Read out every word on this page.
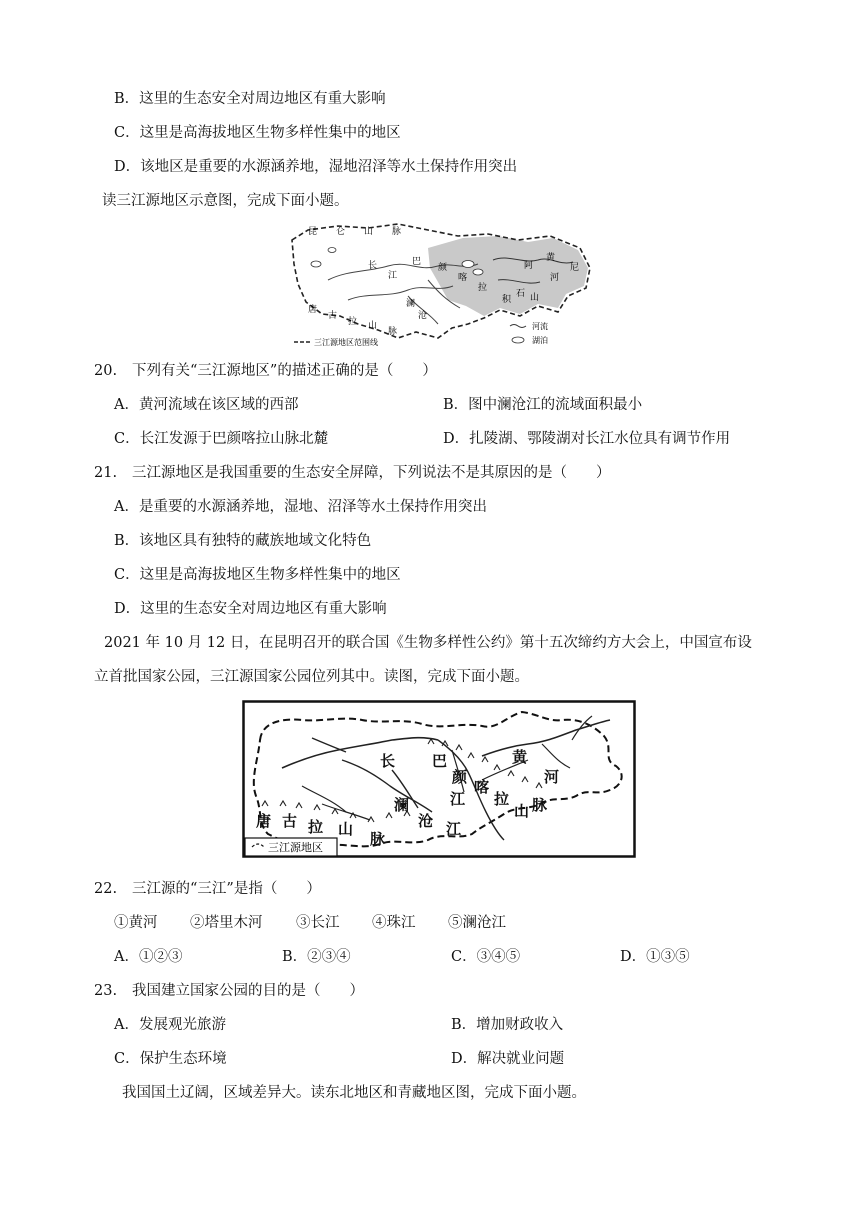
B．这里的生态安全对周边地区有重大影响
C．这里是高海拔地区生物多样性集中的地区
D．该地区是重要的水源涵养地，湿地沼泽等水土保持作用突出
读三江源地区示意图，完成下面小题。
昆 仑 山 脉
巴
颜
喀
拉
长
江
澜
沧
唐
古
拉 山
脉
黄
河
积
石 山
阿	尼
三江源地区范围线
河流
湖泊
20. 下列有关“三江源地区”的描述正确的是（　　）
A．黄河流域在该区域的西部	B．图中澜沧江的流域面积最小
C．长江发源于巴颜喀拉山脉北麓	D．扎陵湖、鄂陵湖对长江水位具有调节作用
21. 三江源地区是我国重要的生态安全屏障，下列说法不是其原因的是（　　）
A．是重要的水源涵养地，湿地、沼泽等水土保持作用突出
B．该地区具有独特的藏族地域文化特色
C．这里是高海拔地区生物多样性集中的地区
D．这里的生态安全对周边地区有重大影响
2021 年 10 月 12 日，在昆明召开的联合国《生物多样性公约》第十五次缔约方大会上，中国宣布设
立首批国家公园，三江源国家公园位列其中。读图，完成下面小题。
长 巴
颜
喀
拉
山 脉
黄
河
江
澜
沧 江
唐 古 拉 山
脉
三江源地区
22. 三江源的“三江”是指（　　）
①黄河 ②塔里木河 ③长江 ④珠江 ⑤澜沧江
A．①②③	B．②③④	C．③④⑤	D．①③⑤
23. 我国建立国家公园的目的是（　　）
A．发展观光旅游	B．增加财政收入
C．保护生态环境	D．解决就业问题
我国国土辽阔，区域差异大。读东北地区和青藏地区图，完成下面小题。
